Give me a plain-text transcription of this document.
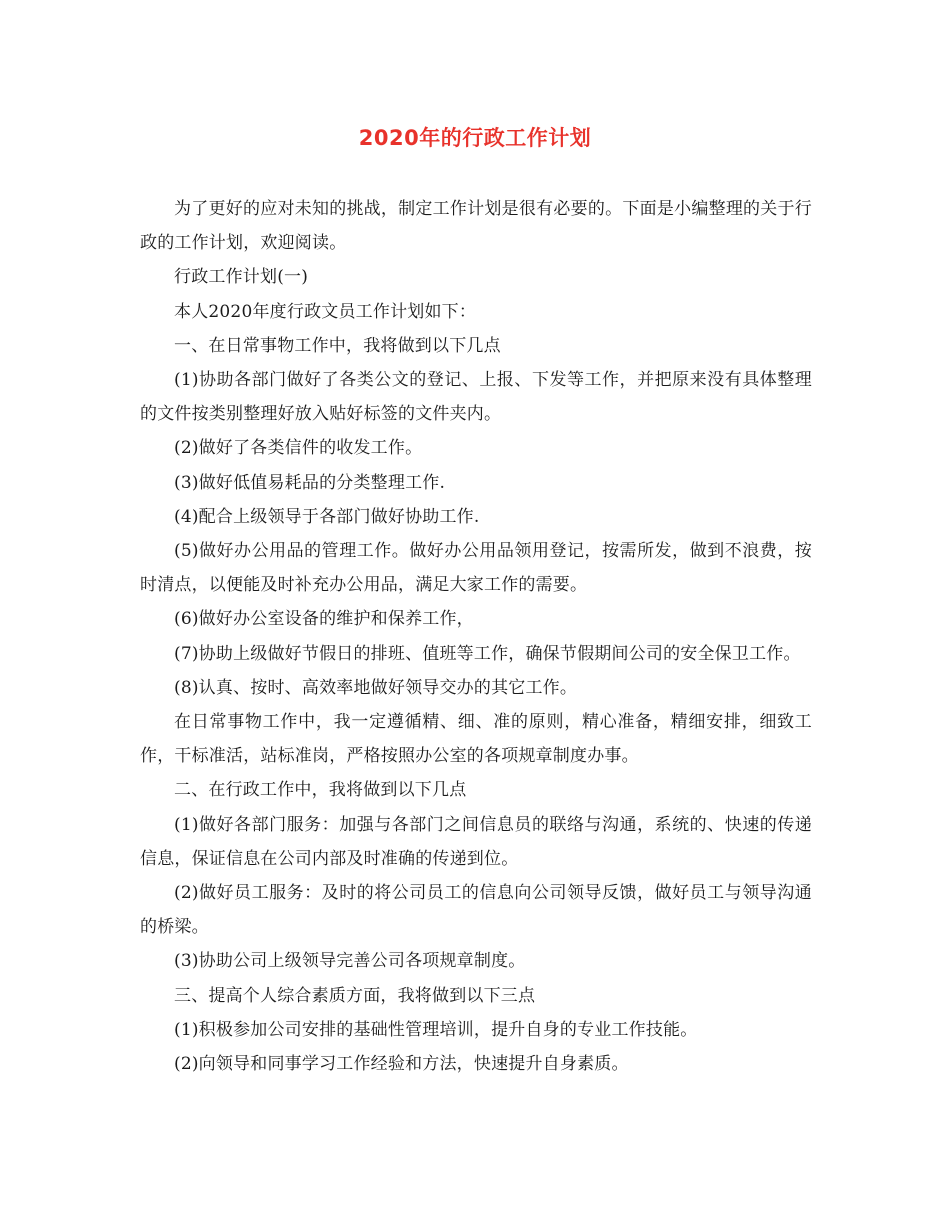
2020年的行政工作计划

为了更好的应对未知的挑战，制定工作计划是很有必要的。下面是小编整理的关于行政的工作计划，欢迎阅读。

行政工作计划(一)

本人2020年度行政文员工作计划如下：

一、在日常事物工作中，我将做到以下几点

(1)协助各部门做好了各类公文的登记、上报、下发等工作，并把原来没有具体整理的文件按类别整理好放入贴好标签的文件夹内。

(2)做好了各类信件的收发工作。

(3)做好低值易耗品的分类整理工作.

(4)配合上级领导于各部门做好协助工作.

(5)做好办公用品的管理工作。做好办公用品领用登记，按需所发，做到不浪费，按时清点，以便能及时补充办公用品，满足大家工作的需要。

(6)做好办公室设备的维护和保养工作，

(7)协助上级做好节假日的排班、值班等工作，确保节假期间公司的安全保卫工作。

(8)认真、按时、高效率地做好领导交办的其它工作。

在日常事物工作中，我一定遵循精、细、准的原则，精心准备，精细安排，细致工作，干标准活，站标准岗，严格按照办公室的各项规章制度办事。

二、在行政工作中，我将做到以下几点

(1)做好各部门服务：加强与各部门之间信息员的联络与沟通，系统的、快速的传递信息，保证信息在公司内部及时准确的传递到位。

(2)做好员工服务：及时的将公司员工的信息向公司领导反馈，做好员工与领导沟通的桥梁。

(3)协助公司上级领导完善公司各项规章制度。

三、提高个人综合素质方面，我将做到以下三点

(1)积极参加公司安排的基础性管理培训，提升自身的专业工作技能。

(2)向领导和同事学习工作经验和方法，快速提升自身素质。
